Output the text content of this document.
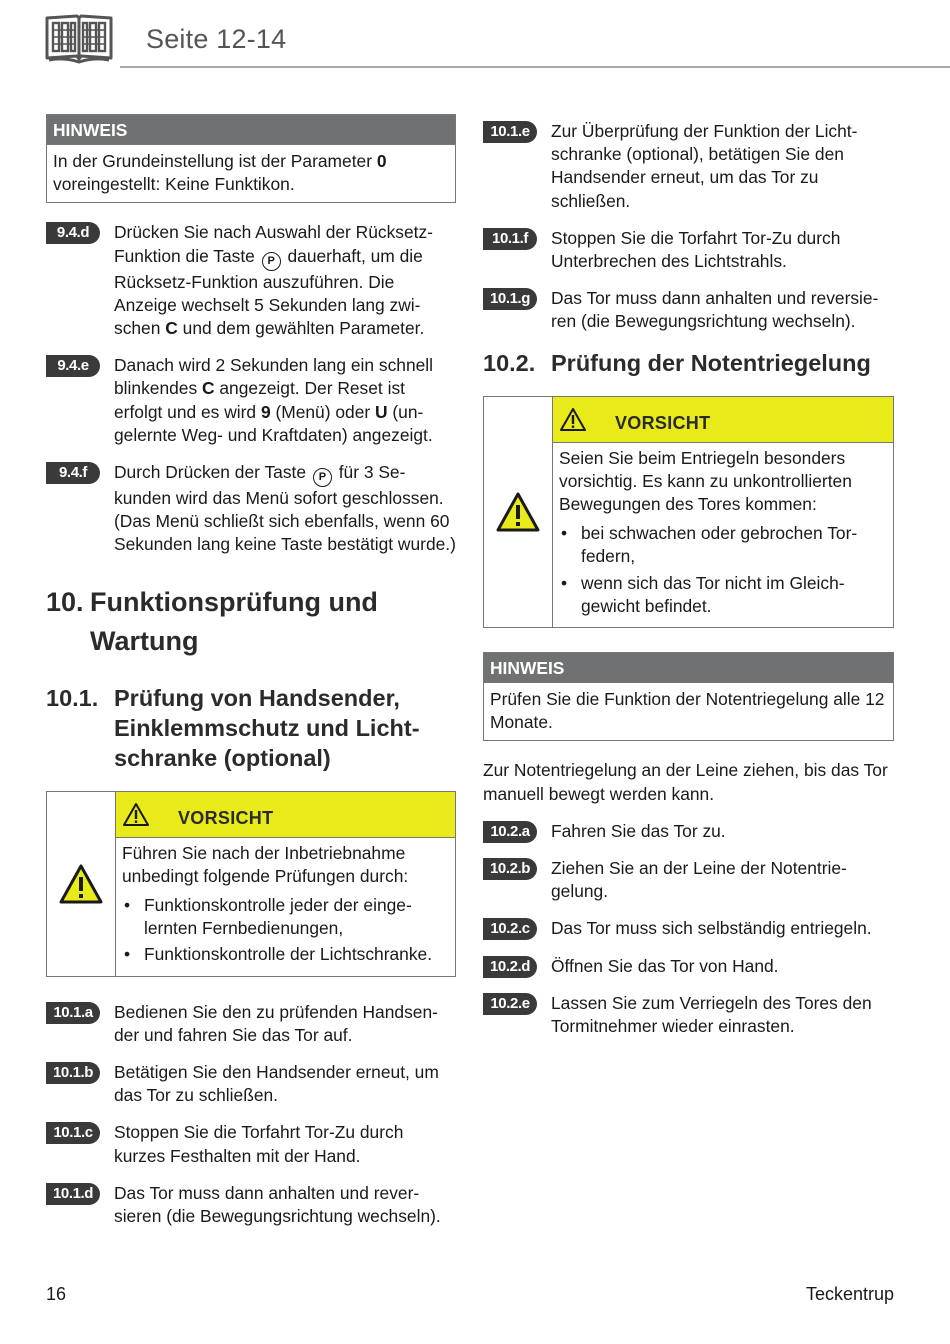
Seite 12-14
HINWEIS
In der Grundeinstellung ist der Parameter 0 voreingestellt: Keine Funktikon.
9.4.d	Drücken Sie nach Auswahl der Rücksetz-Funktion die Taste P dauerhaft, um die Rücksetz-Funktion auszuführen. Die Anzeige wechselt 5 Sekunden lang zwischen C und dem gewählten Parameter.
9.4.e	Danach wird 2 Sekunden lang ein schnell blinkendes C angezeigt. Der Reset ist erfolgt und es wird 9 (Menü) oder U (ungelernte Weg- und Kraftdaten) angezeigt.
9.4.f	Durch Drücken der Taste P für 3 Sekunden wird das Menü sofort geschlossen. (Das Menü schließt sich ebenfalls, wenn 60 Sekunden lang keine Taste bestätigt wurde.)
10. Funktionsprüfung und Wartung
10.1. Prüfung von Handsender, Einklemmschutz und Lichtschranke (optional)
VORSICHT

Führen Sie nach der Inbetriebnahme unbedingt folgende Prüfungen durch:

• Funktionskontrolle jeder der eingelernten Fernbedienungen,
• Funktionskontrolle der Lichtschranke.
10.1.a	Bedienen Sie den zu prüfenden Handsender und fahren Sie das Tor auf.
10.1.b	Betätigen Sie den Handsender erneut, um das Tor zu schließen.
10.1.c	Stoppen Sie die Torfahrt Tor-Zu durch kurzes Festhalten mit der Hand.
10.1.d	Das Tor muss dann anhalten und reversieren (die Bewegungsrichtung wechseln).
10.1.e	Zur Überprüfung der Funktion der Lichtschranke (optional), betätigen Sie den Handsender erneut, um das Tor zu schließen.
10.1.f	Stoppen Sie die Torfahrt Tor-Zu durch Unterbrechen des Lichtstrahls.
10.1.g	Das Tor muss dann anhalten und reversieren (die Bewegungsrichtung wechseln).
10.2. Prüfung der Notentriegelung
VORSICHT

Seien Sie beim Entriegeln besonders vorsichtig. Es kann zu unkontrollierten Bewegungen des Tores kommen:

• bei schwachen oder gebrochen Torfedern,
• wenn sich das Tor nicht im Gleichgewicht befindet.
HINWEIS
Prüfen Sie die Funktion der Notentriegelung alle 12 Monate.

Zur Notentriegelung an der Leine ziehen, bis das Tor manuell bewegt werden kann.

10.2.a	Fahren Sie das Tor zu.
10.2.b	Ziehen Sie an der Leine der Notentriegelung.
10.2.c	Das Tor muss sich selbständig entriegeln.
10.2.d	Öffnen Sie das Tor von Hand.
10.2.e	Lassen Sie zum Verriegeln des Tores den Tormitnehmer wieder einrasten.
16	Teckentrup
